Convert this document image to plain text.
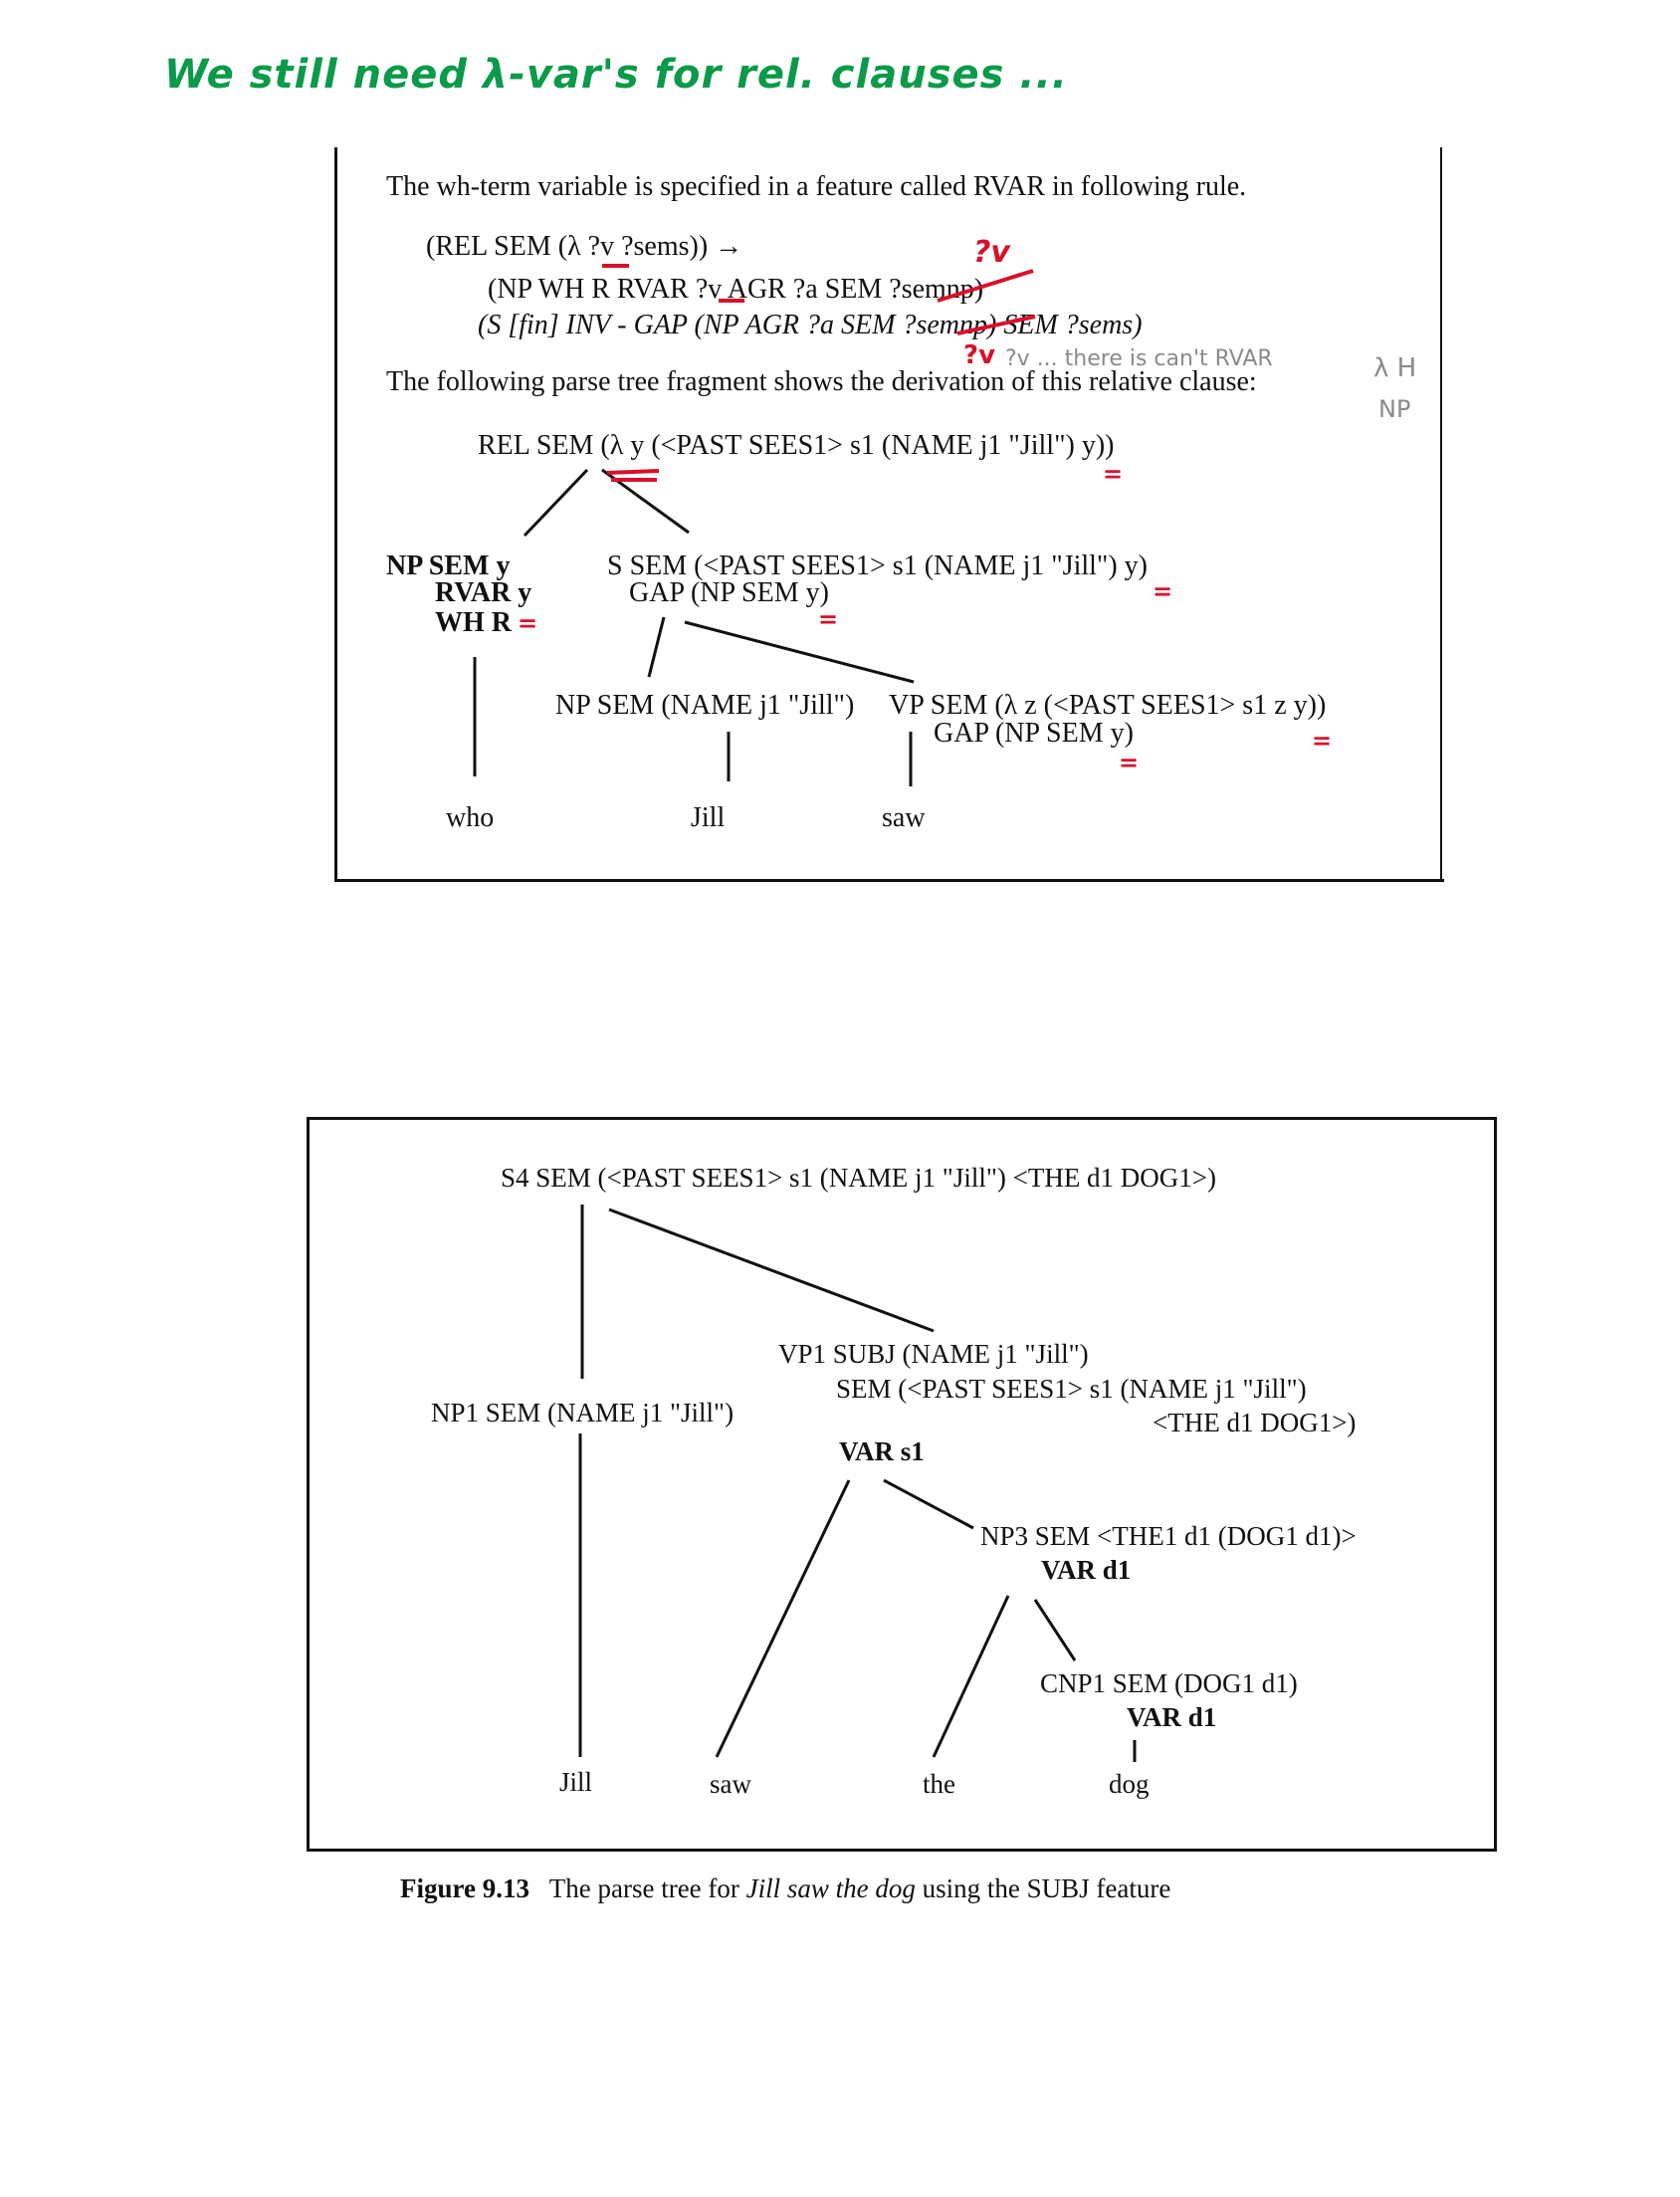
We still need λ-var's for rel. clauses ...
The wh-term variable is specified in a feature called RVAR in following rule.
(REL SEM (λ ?v ?sems)) →
(NP WH R RVAR ?v AGR ?a SEM ?semnp)
(S [fin] INV - GAP (NP AGR ?a SEM ?semnp) SEM ?sems)
The following parse tree fragment shows the derivation of this relative clause:
REL SEM (λ y (<PAST SEES1> s1 (NAME j1 "Jill") y))
NP SEM y
RVAR y
WH R
S SEM (<PAST SEES1> s1 (NAME j1 "Jill") y)
GAP (NP SEM y)
NP SEM (NAME j1 "Jill") VP SEM (λ z (<PAST SEES1> s1 z y))
GAP (NP SEM y)
who	Jill	saw
?v
?v ?v ... there is can't RVAR	λ H
NP
=
=
=
=
=
=
S4 SEM (<PAST SEES1> s1 (NAME j1 "Jill") <THE d1 DOG1>)
VP1 SUBJ (NAME j1 "Jill")
SEM (<PAST SEES1> s1 (NAME j1 "Jill")
<THE d1 DOG1>)
VAR s1
NP1 SEM (NAME j1 "Jill")
NP3 SEM <THE1 d1 (DOG1 d1)>
VAR d1
CNP1 SEM (DOG1 d1)
VAR d1
Jill	saw	the	dog
Figure 9.13 The parse tree for Jill saw the dog using the SUBJ feature
